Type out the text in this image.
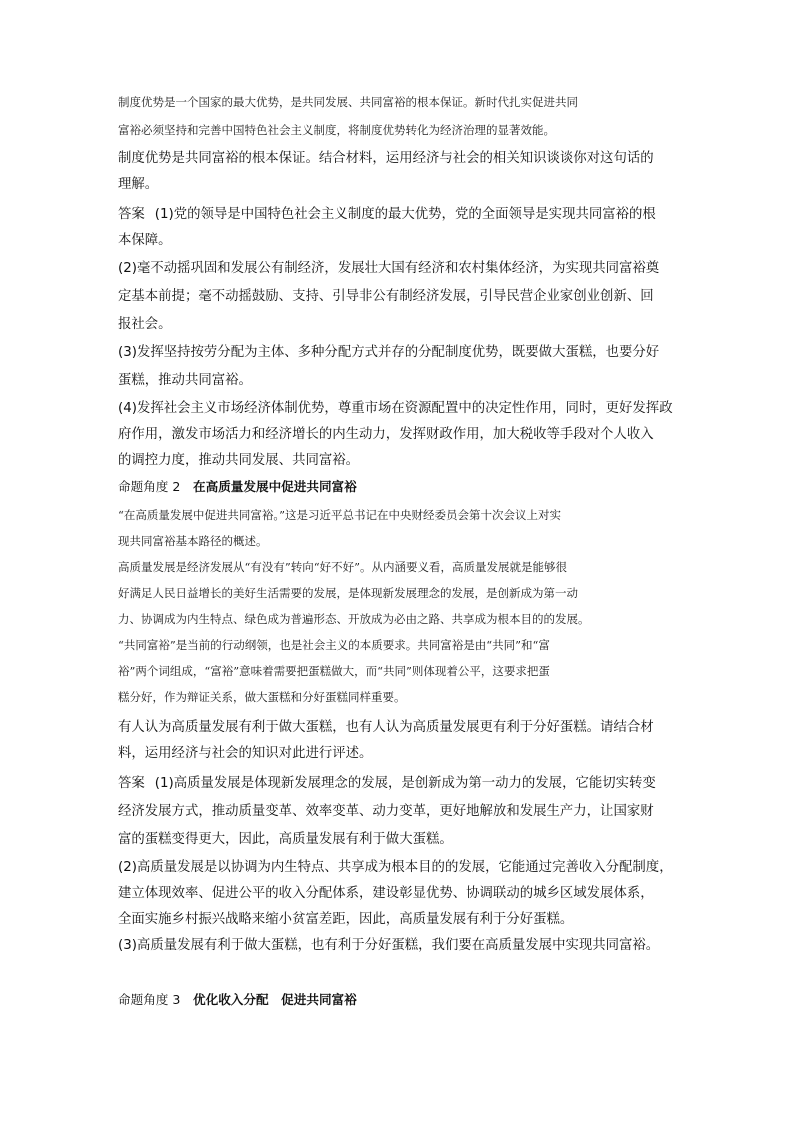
制度优势是一个国家的最大优势，是共同发展、共同富裕的根本保证。新时代扎实促进共同

富裕必须坚持和完善中国特色社会主义制度，将制度优势转化为经济治理的显著效能。

制度优势是共同富裕的根本保证。结合材料，运用经济与社会的相关知识谈谈你对这句话的

理解。

答案 (1)党的领导是中国特色社会主义制度的最大优势，党的全面领导是实现共同富裕的根

本保障。

(2)毫不动摇巩固和发展公有制经济，发展壮大国有经济和农村集体经济，为实现共同富裕奠

定基本前提；毫不动摇鼓励、支持、引导非公有制经济发展，引导民营企业家创业创新、回

报社会。

(3)发挥坚持按劳分配为主体、多种分配方式并存的分配制度优势，既要做大蛋糕，也要分好

蛋糕，推动共同富裕。

(4)发挥社会主义市场经济体制优势，尊重市场在资源配置中的决定性作用，同时，更好发挥政

府作用，激发市场活力和经济增长的内生动力，发挥财政作用，加大税收等手段对个人收入

的调控力度，推动共同发展、共同富裕。

命题角度 2  在高质量发展中促进共同富裕

“在高质量发展中促进共同富裕。”这是习近平总书记在中央财经委员会第十次会议上对实

现共同富裕基本路径的概述。

高质量发展是经济发展从“有没有”转向“好不好”。从内涵要义看，高质量发展就是能够很

好满足人民日益增长的美好生活需要的发展，是体现新发展理念的发展，是创新成为第一动

力、协调成为内生特点、绿色成为普遍形态、开放成为必由之路、共享成为根本目的的发展。

“共同富裕”是当前的行动纲领，也是社会主义的本质要求。共同富裕是由“共同”和“富

裕”两个词组成，“富裕”意味着需要把蛋糕做大，而“共同”则体现着公平，这要求把蛋

糕分好，作为辩证关系，做大蛋糕和分好蛋糕同样重要。

有人认为高质量发展有利于做大蛋糕，也有人认为高质量发展更有利于分好蛋糕。请结合材

料，运用经济与社会的知识对此进行评述。

答案 (1)高质量发展是体现新发展理念的发展，是创新成为第一动力的发展，它能切实转变

经济发展方式，推动质量变革、效率变革、动力变革，更好地解放和发展生产力，让国家财

富的蛋糕变得更大，因此，高质量发展有利于做大蛋糕。

(2)高质量发展是以协调为内生特点、共享成为根本目的的发展，它能通过完善收入分配制度，

建立体现效率、促进公平的收入分配体系，建设彰显优势、协调联动的城乡区域发展体系，

全面实施乡村振兴战略来缩小贫富差距，因此，高质量发展有利于分好蛋糕。

(3)高质量发展有利于做大蛋糕，也有利于分好蛋糕，我们要在高质量发展中实现共同富裕。

命题角度 3  优化收入分配　促进共同富裕
